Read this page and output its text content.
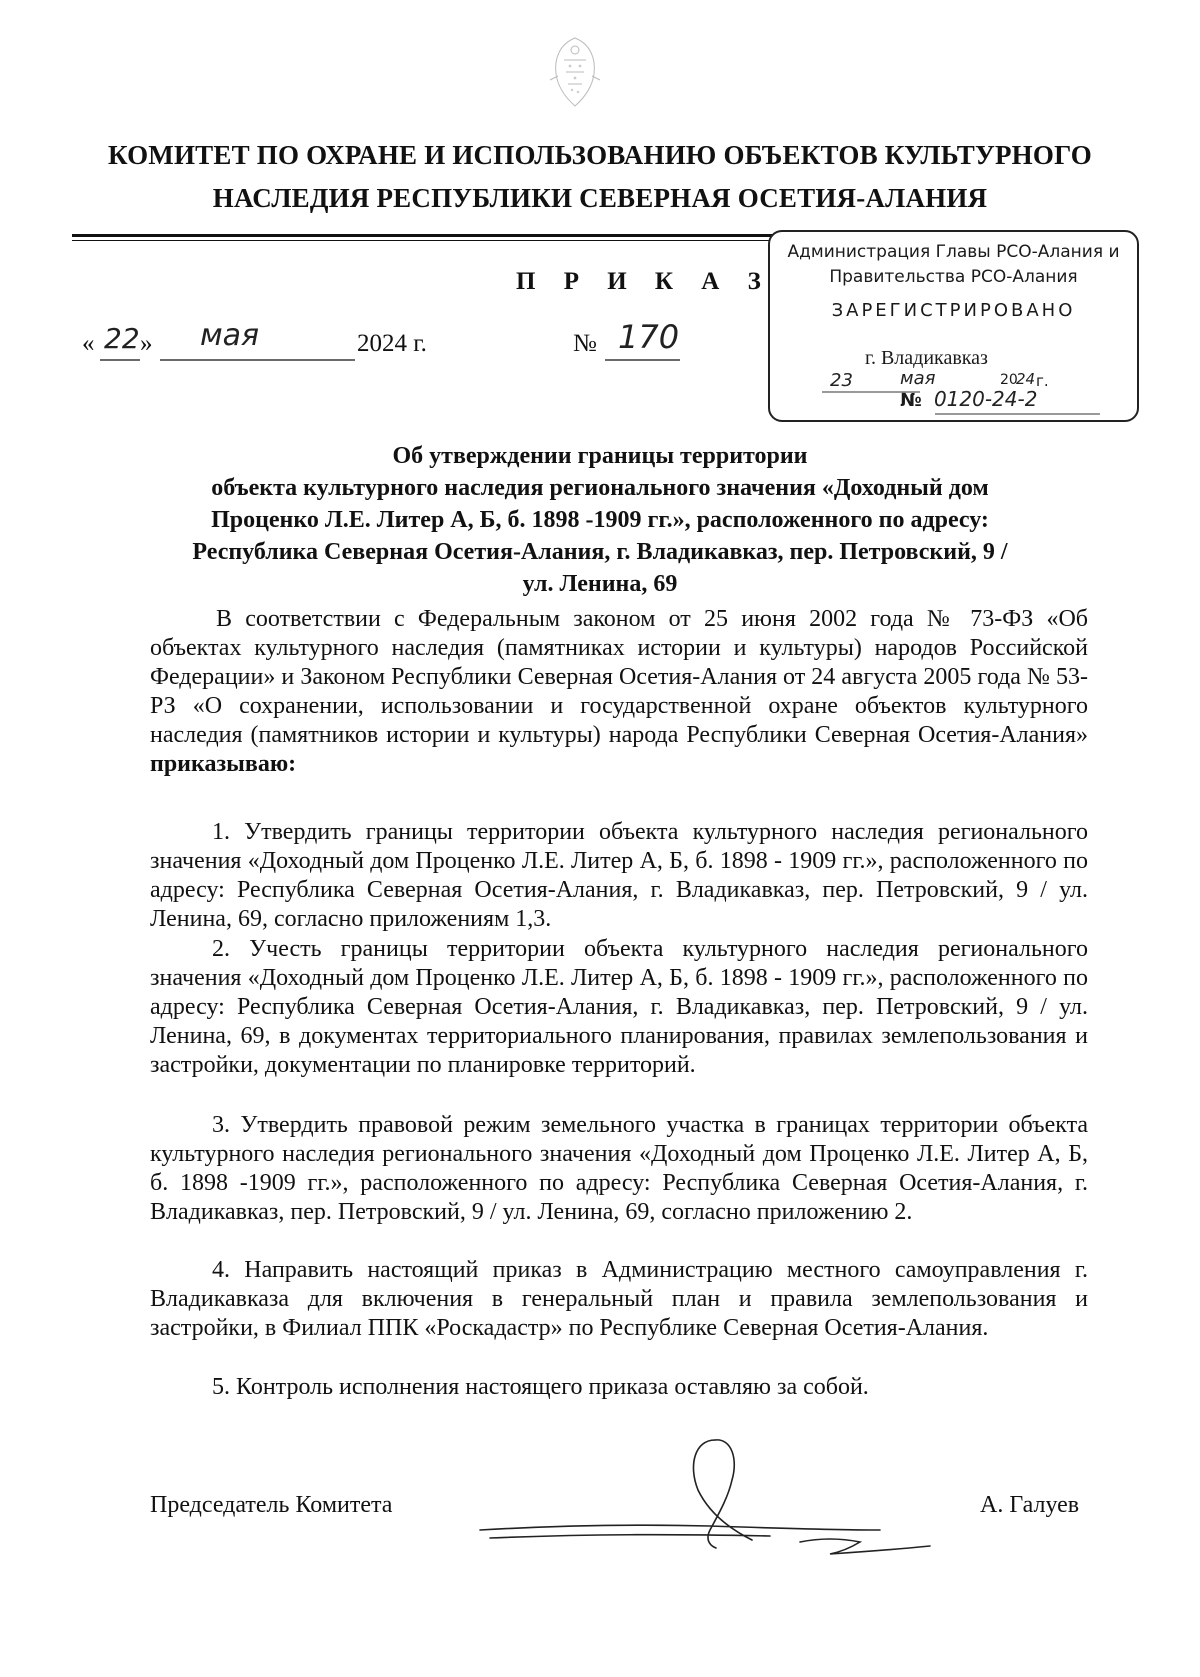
КОМИТЕТ ПО ОХРАНЕ И ИСПОЛЬЗОВАНИЮ ОБЪЕКТОВ КУЛЬТУРНОГО
НАСЛЕДИЯ РЕСПУБЛИКИ СЕВЕРНАЯ ОСЕТИЯ-АЛАНИЯ
Администрация Главы РСО-Алания и
Правительства РСО-Алания
ЗАРЕГИСТРИРОВАНО
г. Владикавказ
23	мая	20
24 г.
№ 0120-24-2
П Р И К А З
« 22 » мая	2024 г.	№ 170
Об утверждении границы территории
объекта культурного наследия регионального значения «Доходный дом
Проценко Л.Е. Литер А, Б, б. 1898 -1909 гг.», расположенного по адресу:
Республика Северная Осетия-Алания, г. Владикавказ, пер. Петровский, 9 /
ул. Ленина, 69
В соответствии с Федеральным законом от 25 июня 2002 года № 73-ФЗ «Об объектах культурного наследия (памятниках истории и культуры) народов Российской Федерации» и Законом Республики Северная Осетия-Алания от 24 августа 2005 года № 53-РЗ «О сохранении, использовании и государственной охране объектов культурного наследия (памятников истории и культуры) народа Республики Северная Осетия-Алания» приказываю:
1. Утвердить границы территории объекта культурного наследия регионального значения «Доходный дом Проценко Л.Е. Литер А, Б, б. 1898 - 1909 гг.», расположенного по адресу: Республика Северная Осетия-Алания, г. Владикавказ, пер. Петровский, 9 / ул. Ленина, 69, согласно приложениям 1,3.
2. Учесть границы территории объекта культурного наследия регионального значения «Доходный дом Проценко Л.Е. Литер А, Б, б. 1898 - 1909 гг.», расположенного по адресу: Республика Северная Осетия-Алания, г. Владикавказ, пер. Петровский, 9 / ул. Ленина, 69, в документах территориального планирования, правилах землепользования и застройки, документации по планировке территорий.
3. Утвердить правовой режим земельного участка в границах территории объекта культурного наследия регионального значения «Доходный дом Проценко Л.Е. Литер А, Б, б. 1898 -1909 гг.», расположенного по адресу: Республика Северная Осетия-Алания, г. Владикавказ, пер. Петровский, 9 / ул. Ленина, 69, согласно приложению 2.
4. Направить настоящий приказ в Администрацию местного самоуправления г. Владикавказа для включения в генеральный план и правила землепользования и застройки, в Филиал ППК «Роскадастр» по Республике Северная Осетия-Алания.
5. Контроль исполнения настоящего приказа оставляю за собой.
Председатель Комитета	А. Галуев
